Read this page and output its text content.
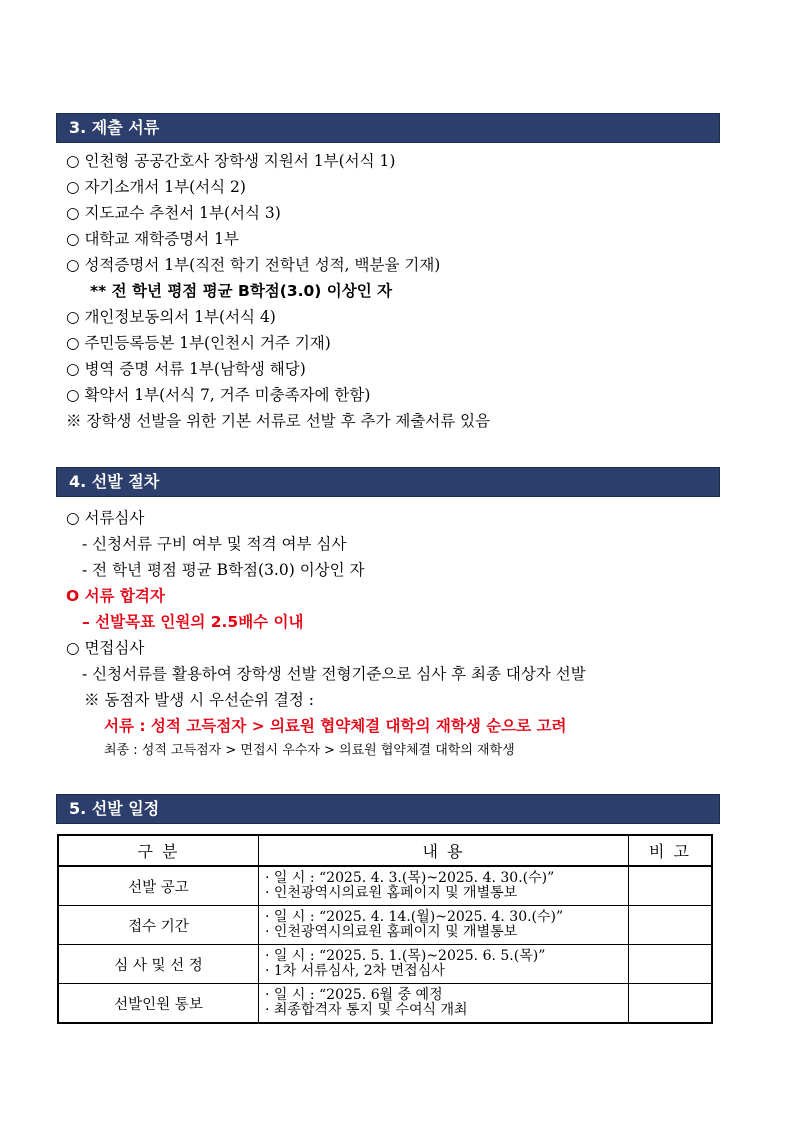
3. 제출 서류
○ 인천형 공공간호사 장학생 지원서 1부(서식 1)
○ 자기소개서 1부(서식 2)
○ 지도교수 추천서 1부(서식 3)
○ 대학교 재학증명서 1부
○ 성적증명서 1부(직전 학기 전학년 성적, 백분율 기재)
** 전 학년 평점 평균 B학점(3.0) 이상인 자
○ 개인정보동의서 1부(서식 4)
○ 주민등록등본 1부(인천시 거주 기재)
○ 병역 증명 서류 1부(남학생 해당)
○ 확약서 1부(서식 7, 거주 미충족자에 한함)
※ 장학생 선발을 위한 기본 서류로 선발 후 추가 제출서류 있음
4. 선발 절차
○ 서류심사
- 신청서류 구비 여부 및 적격 여부 심사
- 전 학년 평점 평균 B학점(3.0) 이상인 자
O 서류 합격자
– 선발목표 인원의 2.5배수 이내
○ 면접심사
- 신청서류를 활용하여 장학생 선발 전형기준으로 심사 후 최종 대상자 선발
※ 동점자 발생 시 우선순위 결정 :
서류 : 성적 고득점자 > 의료원 협약체결 대학의 재학생 순으로 고려
최종 : 성적 고득점자 > 면접시 우수자 > 의료원 협약체결 대학의 재학생
5. 선발 일정
구 분	내 용	비 고
선발 공고	· 일 시 : “2025. 4. 3.(목)~2025. 4. 30.(수)”
· 인천광역시의료원 홈페이지 및 개별통보	

접수 기간	· 일 시 : “2025. 4. 14.(월)~2025. 4. 30.(수)”
· 인천광역시의료원 홈페이지 및 개별통보	

심 사 및 선 정	· 일 시 : “2025. 5. 1.(목)~2025. 6. 5.(목)”
· 1차 서류심사, 2차 면접심사	

선발인원 통보	· 일 시 : “2025. 6월 중 예정
· 최종합격자 통지 및 수여식 개최	
